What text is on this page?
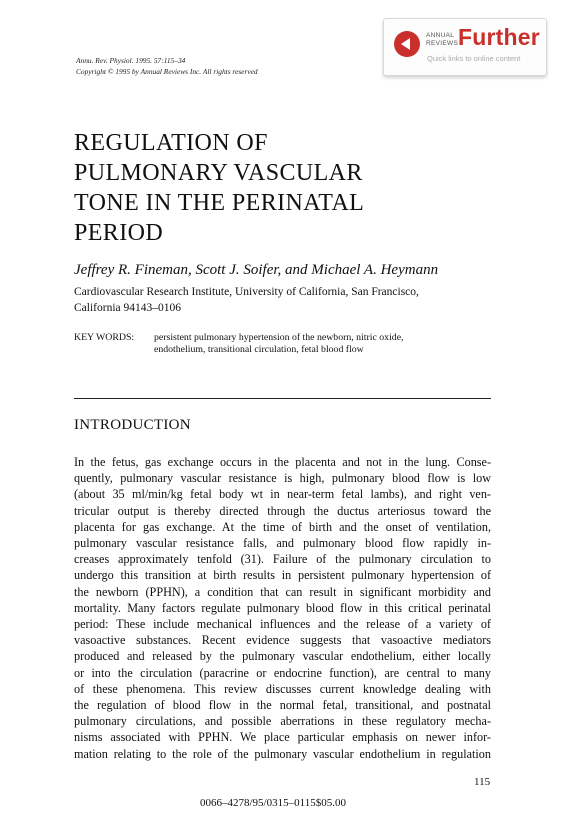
Annu. Rev. Physiol. 1995. 57:115–34
Copyright © 1995 by Annual Reviews Inc. All rights reserved
ANNUAL
REVIEWS Further
Quick links to online content
REGULATION OF
PULMONARY VASCULAR
TONE IN THE PERINATAL
PERIOD
Jeffrey R. Fineman, Scott J. Soifer, and Michael A. Heymann
Cardiovascular Research Institute, University of California, San Francisco,
California 94143–0106
KEY WORDS: persistent pulmonary hypertension of the newborn, nitric oxide,
endothelium, transitional circulation, fetal blood flow
INTRODUCTION
In the fetus, gas exchange occurs in the placenta and not in the lung. Conse-
quently, pulmonary vascular resistance is high, pulmonary blood flow is low
(about 35 ml/min/kg fetal body wt in near-term fetal lambs), and right ven-
tricular output is thereby directed through the ductus arteriosus toward the
placenta for gas exchange. At the time of birth and the onset of ventilation,
pulmonary vascular resistance falls, and pulmonary blood flow rapidly in-
creases approximately tenfold (31). Failure of the pulmonary circulation to
undergo this transition at birth results in persistent pulmonary hypertension of
the newborn (PPHN), a condition that can result in significant morbidity and
mortality. Many factors regulate pulmonary blood flow in this critical perinatal
period: These include mechanical influences and the release of a variety of
vasoactive substances. Recent evidence suggests that vasoactive mediators
produced and released by the pulmonary vascular endothelium, either locally
or into the circulation (paracrine or endocrine function), are central to many
of these phenomena. This review discusses current knowledge dealing with
the regulation of blood flow in the normal fetal, transitional, and postnatal
pulmonary circulations, and possible aberrations in these regulatory mecha-
nisms associated with PPHN. We place particular emphasis on newer infor-
mation relating to the role of the pulmonary vascular endothelium in regulation
115
0066–4278/95/0315–0115$05.00
